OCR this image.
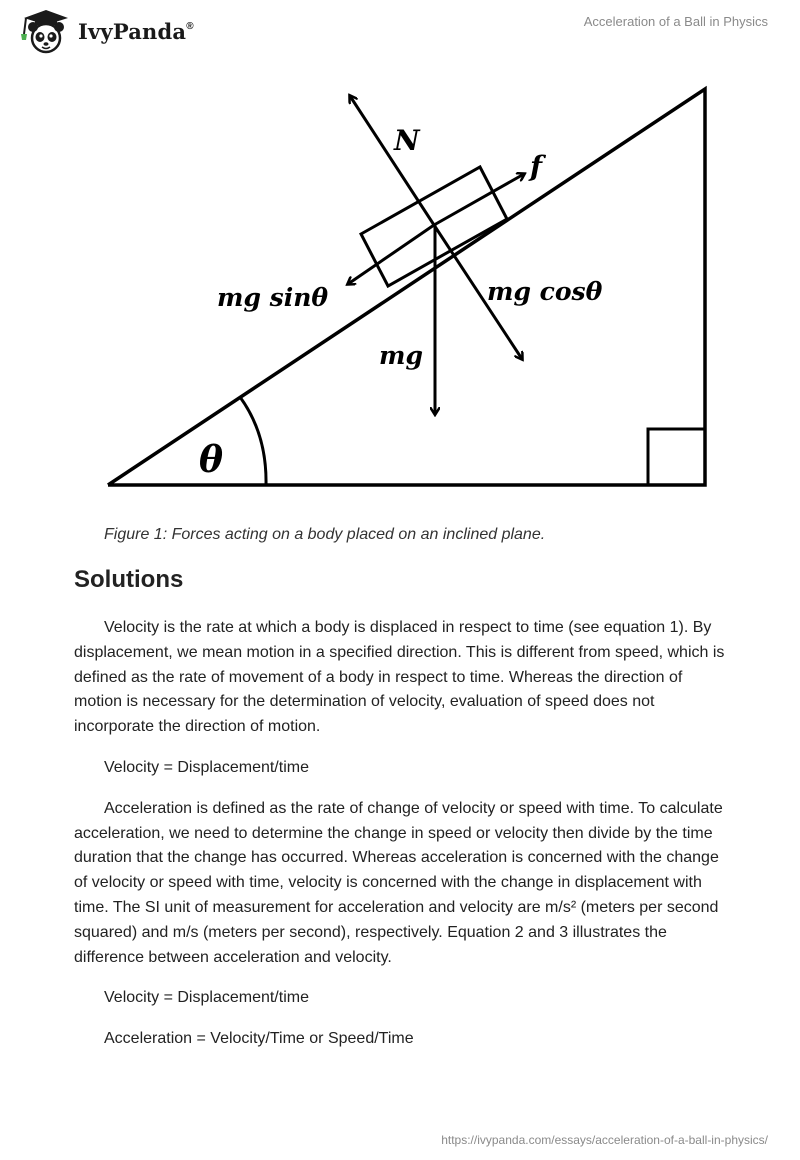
IvyPanda®	Acceleration of a Ball in Physics
N
f
mg sinθ	mg cosθ
mg
θ
Figure 1: Forces acting on a body placed on an inclined plane.
Solutions

Velocity is the rate at which a body is displaced in respect to time (see equation 1). By displacement, we mean motion in a specified direction. This is different from speed, which is defined as the rate of movement of a body in respect to time. Whereas the direction of motion is necessary for the determination of velocity, evaluation of speed does not incorporate the direction of motion.

Velocity = Displacement/time

Acceleration is defined as the rate of change of velocity or speed with time. To calculate acceleration, we need to determine the change in speed or velocity then divide by the time duration that the change has occurred. Whereas acceleration is concerned with the change of velocity or speed with time, velocity is concerned with the change in displacement with time. The SI unit of measurement for acceleration and velocity are m/s² (meters per second squared) and m/s (meters per second), respectively. Equation 2 and 3 illustrates the difference between acceleration and velocity.

Velocity = Displacement/time

Acceleration = Velocity/Time or Speed/Time

https://ivypanda.com/essays/acceleration-of-a-ball-in-physics/
